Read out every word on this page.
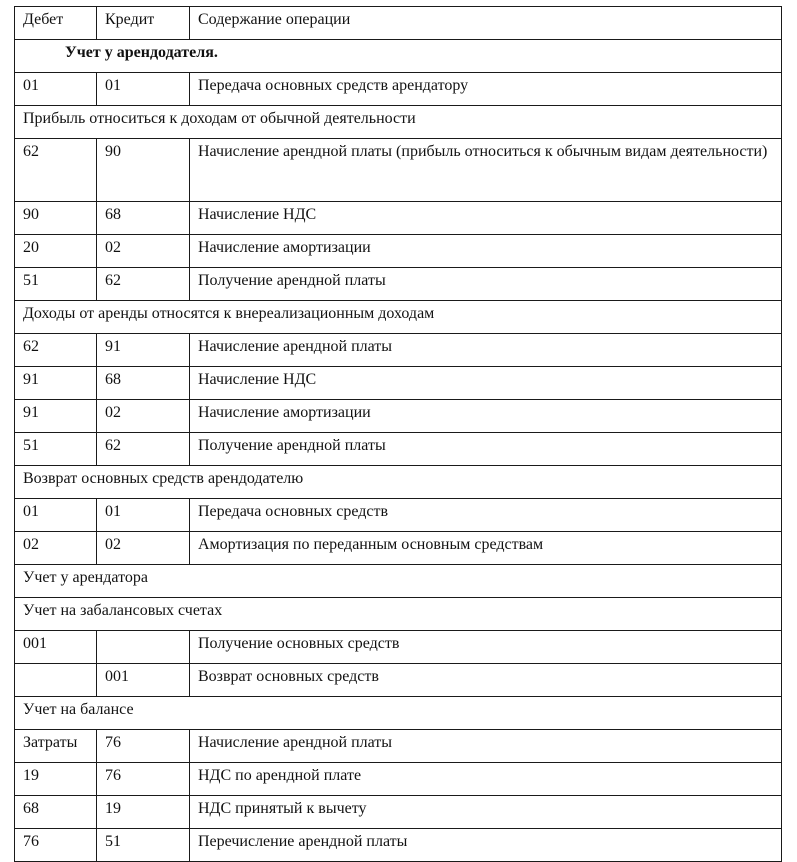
Дебет	Кредит	Содержание операции
Учет у арендодателя.		
01	01	Передача основных средств арендатору
Прибыль относиться к доходам от обычной деятельности		
62	90	Начисление арендной платы (прибыль относиться к обычным видам деятельности)
90	68	Начисление НДС
20	02	Начисление амортизации
51	62	Получение арендной платы
Доходы от аренды относятся к внереализационным доходам		
62	91	Начисление арендной платы
91	68	Начисление НДС
91	02	Начисление амортизации
51	62	Получение арендной платы
Возврат основных средств арендодателю		
01	01	Передача основных средств
02	02	Амортизация по переданным основным средствам
Учет у арендатора		
Учет на забалансовых счетах		
001		Получение основных средств
	001	Возврат основных средств
Учет на балансе		
Затраты	76	Начисление арендной платы
19	76	НДС по арендной плате
68	19	НДС принятый к вычету
76	51	Перечисление арендной платы
